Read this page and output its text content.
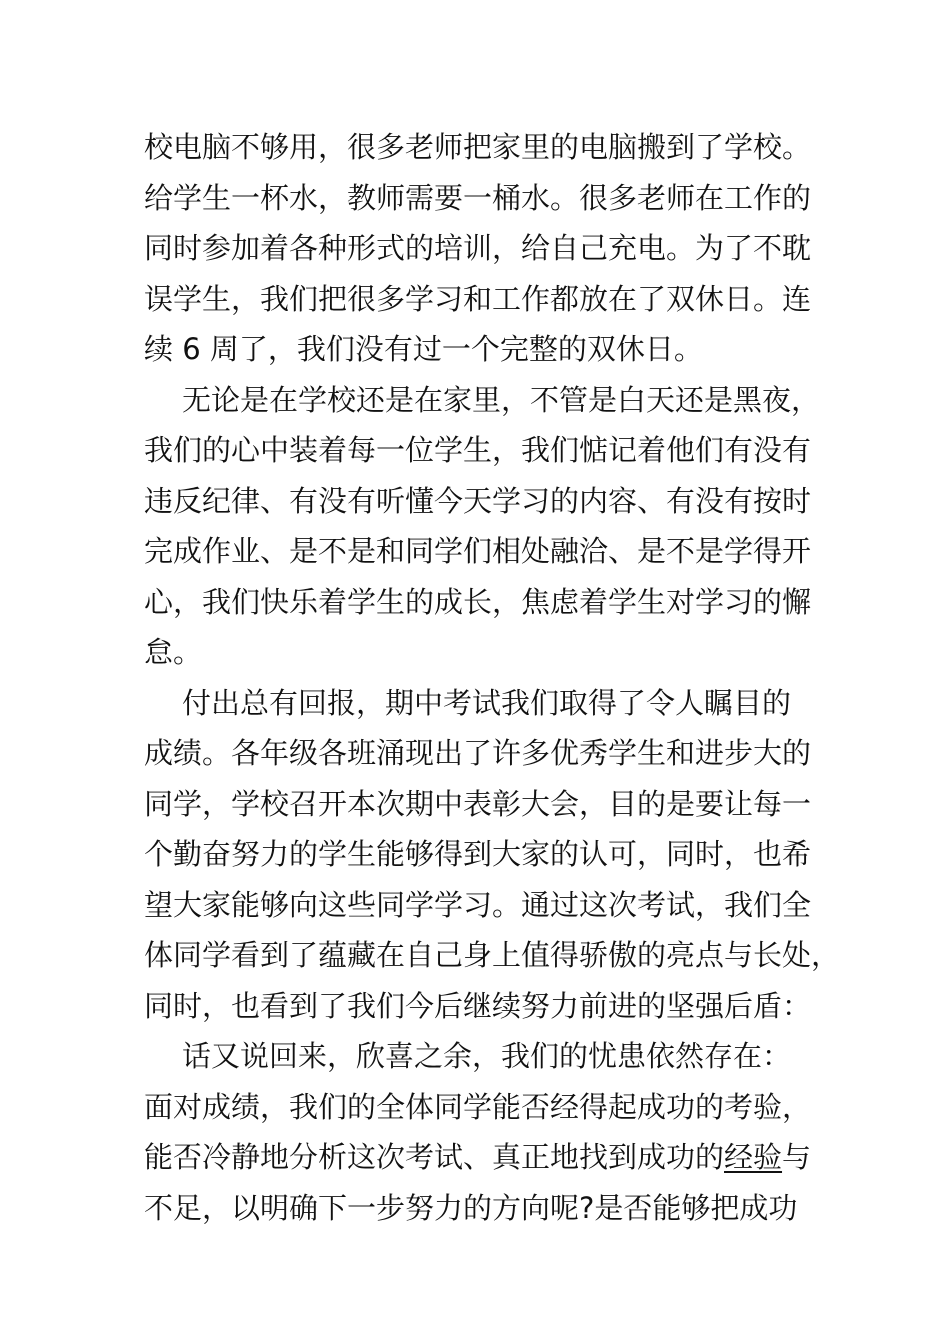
校电脑不够用，很多老师把家里的电脑搬到了学校。
给学生一杯水，教师需要一桶水。很多老师在工作的
同时参加着各种形式的培训，给自己充电。为了不耽
误学生，我们把很多学习和工作都放在了双休日。连
续 6 周了，我们没有过一个完整的双休日。
无论是在学校还是在家里，不管是白天还是黑夜，
我们的心中装着每一位学生，我们惦记着他们有没有
违反纪律、有没有听懂今天学习的内容、有没有按时
完成作业、是不是和同学们相处融洽、是不是学得开
心，我们快乐着学生的成长，焦虑着学生对学习的懈
怠。
付出总有回报，期中考试我们取得了令人瞩目的
成绩。各年级各班涌现出了许多优秀学生和进步大的
同学，学校召开本次期中表彰大会，目的是要让每一
个勤奋努力的学生能够得到大家的认可，同时，也希
望大家能够向这些同学学习。通过这次考试，我们全
体同学看到了蕴藏在自己身上值得骄傲的亮点与长处，
同时，也看到了我们今后继续努力前进的坚强后盾：
话又说回来，欣喜之余，我们的忧患依然存在：
面对成绩，我们的全体同学能否经得起成功的考验，
能否冷静地分析这次考试、真正地找到成功的经验与
不足，以明确下一步努力的方向呢?是否能够把成功
